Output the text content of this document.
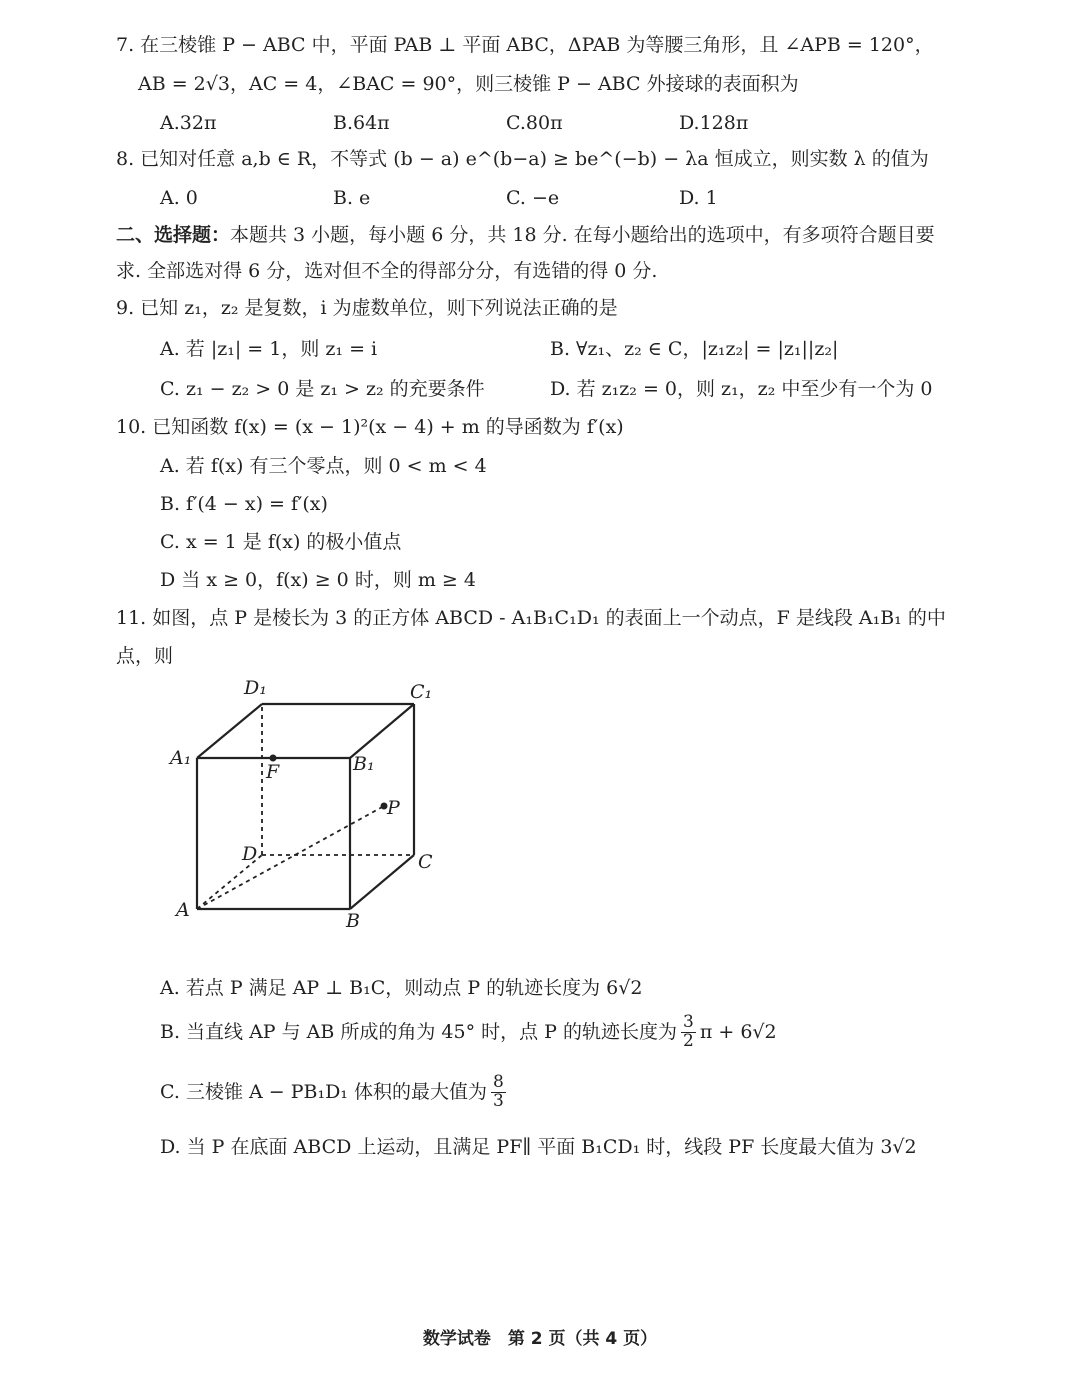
7. 在三棱锥 P − ABC 中，平面 PAB ⊥ 平面 ABC，ΔPAB 为等腰三角形，且 ∠APB = 120°，
AB = 2√3，AC = 4，∠BAC = 90°，则三棱锥 P − ABC 外接球的表面积为
A.32π	B.64π	C.80π	D.128π
8. 已知对任意 a,b ∈ R，不等式 (b − a) e^(b−a) ≥ be^(−b) − λa 恒成立，则实数 λ 的值为
A. 0	B. e	C. −e	D. 1
二、选择题：本题共 3 小题，每小题 6 分，共 18 分. 在每小题给出的选项中，有多项符合题目要
求. 全部选对得 6 分，选对但不全的得部分分，有选错的得 0 分.
9. 已知 z₁，z₂ 是复数，i 为虚数单位，则下列说法正确的是
A. 若 |z₁| = 1，则 z₁ = i	B. ∀z₁、z₂ ∈ C，|z₁z₂| = |z₁||z₂|
C. z₁ − z₂ > 0 是 z₁ > z₂ 的充要条件	D. 若 z₁z₂ = 0，则 z₁，z₂ 中至少有一个为 0
10. 已知函数 f(x) = (x − 1)²(x − 4) + m 的导函数为 f′(x)
A. 若 f(x) 有三个零点，则 0 < m < 4
B. f′(4 − x) = f′(x)
C. x = 1 是 f(x) 的极小值点
D 当 x ≥ 0，f(x) ≥ 0 时，则 m ≥ 4
11. 如图，点 P 是棱长为 3 的正方体 ABCD - A₁B₁C₁D₁ 的表面上一个动点，F 是线段 A₁B₁ 的中
点，则
D₁	C₁
A₁	B₁
F
P
D	C
A	B
A. 若点 P 满足 AP ⊥ B₁C，则动点 P 的轨迹长度为 6√2
B. 当直线 AP 与 AB 所成的角为 45° 时，点 P 的轨迹长度为 $\frac{3}{2}$ π + 6√2
C. 三棱锥 A − PB₁D₁ 体积的最大值为 $\frac{8}{3}$
D. 当 P 在底面 ABCD 上运动，且满足 PF∥ 平面 B₁CD₁ 时，线段 PF 长度最大值为 3√2
数学试卷　第 2 页（共 4 页）
